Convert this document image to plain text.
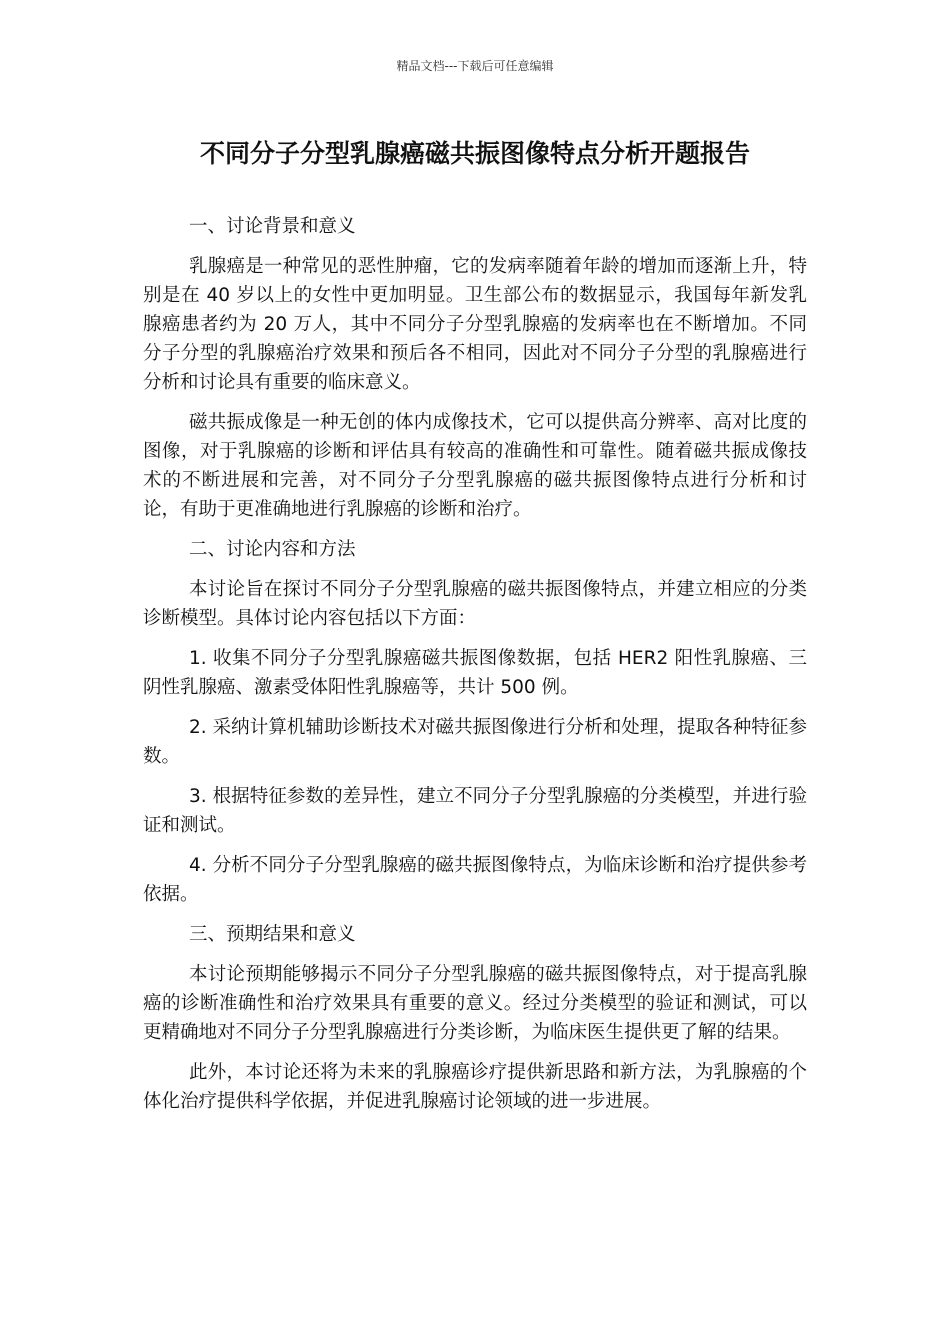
精品文档---下载后可任意编辑
不同分子分型乳腺癌磁共振图像特点分析开题报告

一、讨论背景和意义

乳腺癌是一种常见的恶性肿瘤，它的发病率随着年龄的增加而逐渐上升，特别是在 40 岁以上的女性中更加明显。卫生部公布的数据显示，我国每年新发乳腺癌患者约为 20 万人，其中不同分子分型乳腺癌的发病率也在不断增加。不同分子分型的乳腺癌治疗效果和预后各不相同，因此对不同分子分型的乳腺癌进行分析和讨论具有重要的临床意义。

磁共振成像是一种无创的体内成像技术，它可以提供高分辨率、高对比度的图像，对于乳腺癌的诊断和评估具有较高的准确性和可靠性。随着磁共振成像技术的不断进展和完善，对不同分子分型乳腺癌的磁共振图像特点进行分析和讨论，有助于更准确地进行乳腺癌的诊断和治疗。

二、讨论内容和方法

本讨论旨在探讨不同分子分型乳腺癌的磁共振图像特点，并建立相应的分类诊断模型。具体讨论内容包括以下方面：

1. 收集不同分子分型乳腺癌磁共振图像数据，包括 HER2 阳性乳腺癌、三阴性乳腺癌、激素受体阳性乳腺癌等，共计 500 例。

2. 采纳计算机辅助诊断技术对磁共振图像进行分析和处理，提取各种特征参数。

3. 根据特征参数的差异性，建立不同分子分型乳腺癌的分类模型，并进行验证和测试。

4. 分析不同分子分型乳腺癌的磁共振图像特点，为临床诊断和治疗提供参考依据。

三、预期结果和意义

本讨论预期能够揭示不同分子分型乳腺癌的磁共振图像特点，对于提高乳腺癌的诊断准确性和治疗效果具有重要的意义。经过分类模型的验证和测试，可以更精确地对不同分子分型乳腺癌进行分类诊断，为临床医生提供更了解的结果。

此外，本讨论还将为未来的乳腺癌诊疗提供新思路和新方法，为乳腺癌的个体化治疗提供科学依据，并促进乳腺癌讨论领域的进一步进展。
